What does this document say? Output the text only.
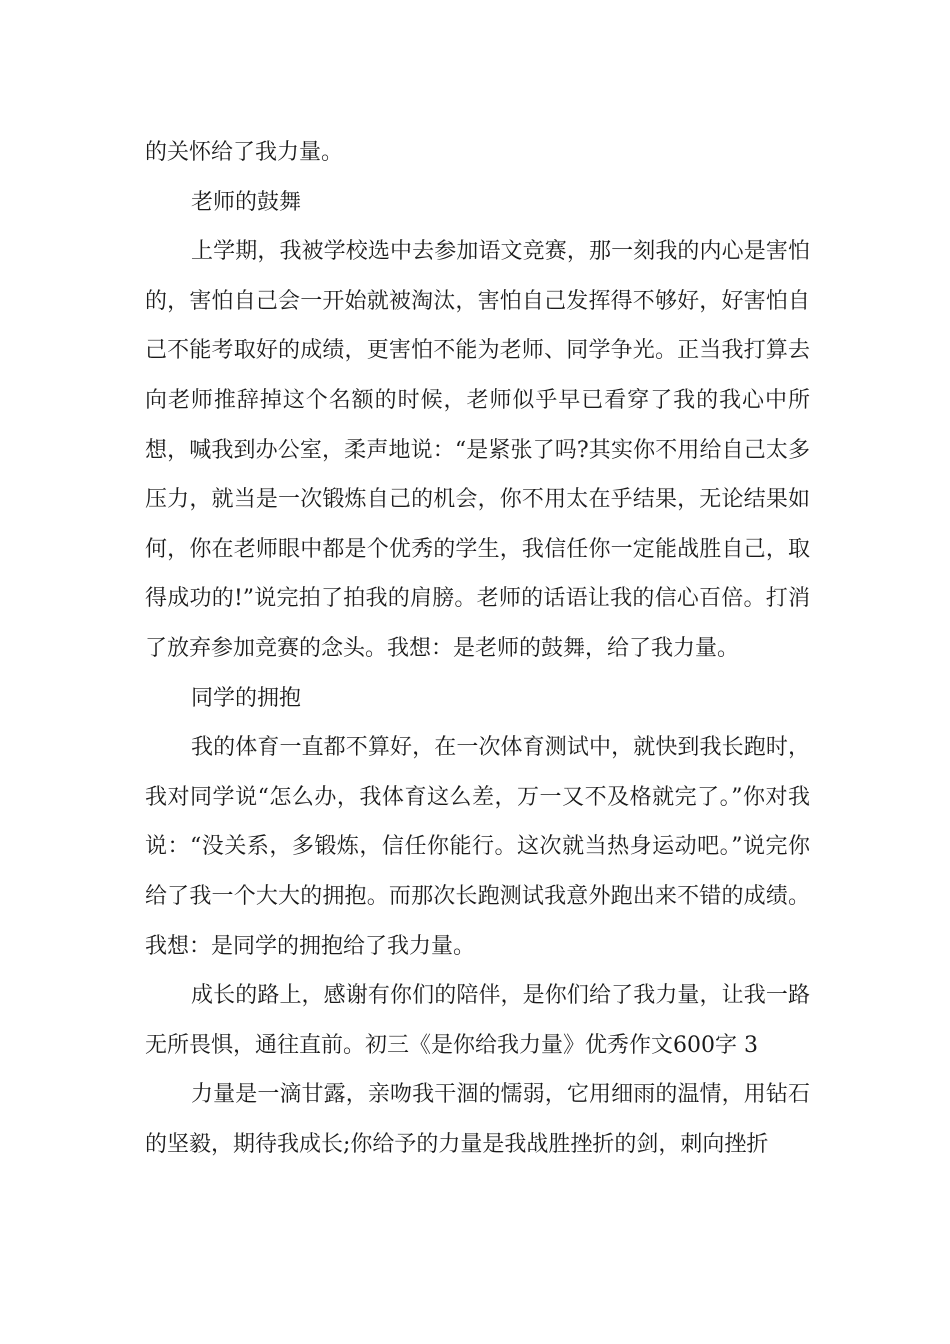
的关怀给了我力量。

老师的鼓舞

上学期，我被学校选中去参加语文竞赛，那一刻我的内心是害怕的，害怕自己会一开始就被淘汰，害怕自己发挥得不够好，好害怕自己不能考取好的成绩，更害怕不能为老师、同学争光。正当我打算去向老师推辞掉这个名额的时候，老师似乎早已看穿了我的我心中所想，喊我到办公室，柔声地说：“是紧张了吗?其实你不用给自己太多压力，就当是一次锻炼自己的机会，你不用太在乎结果，无论结果如何，你在老师眼中都是个优秀的学生，我信任你一定能战胜自己，取得成功的!”说完拍了拍我的肩膀。老师的话语让我的信心百倍。打消了放弃参加竞赛的念头。我想：是老师的鼓舞，给了我力量。

同学的拥抱

我的体育一直都不算好，在一次体育测试中，就快到我长跑时，我对同学说“怎么办，我体育这么差，万一又不及格就完了。”你对我说：“没关系，多锻炼，信任你能行。这次就当热身运动吧。”说完你给了我一个大大的拥抱。而那次长跑测试我意外跑出来不错的成绩。我想：是同学的拥抱给了我力量。

成长的路上，感谢有你们的陪伴，是你们给了我力量，让我一路无所畏惧，通往直前。初三《是你给我力量》优秀作文600字 3

力量是一滴甘露，亲吻我干涸的懦弱，它用细雨的温情，用钻石的坚毅，期待我成长;你给予的力量是我战胜挫折的剑，刺向挫折
